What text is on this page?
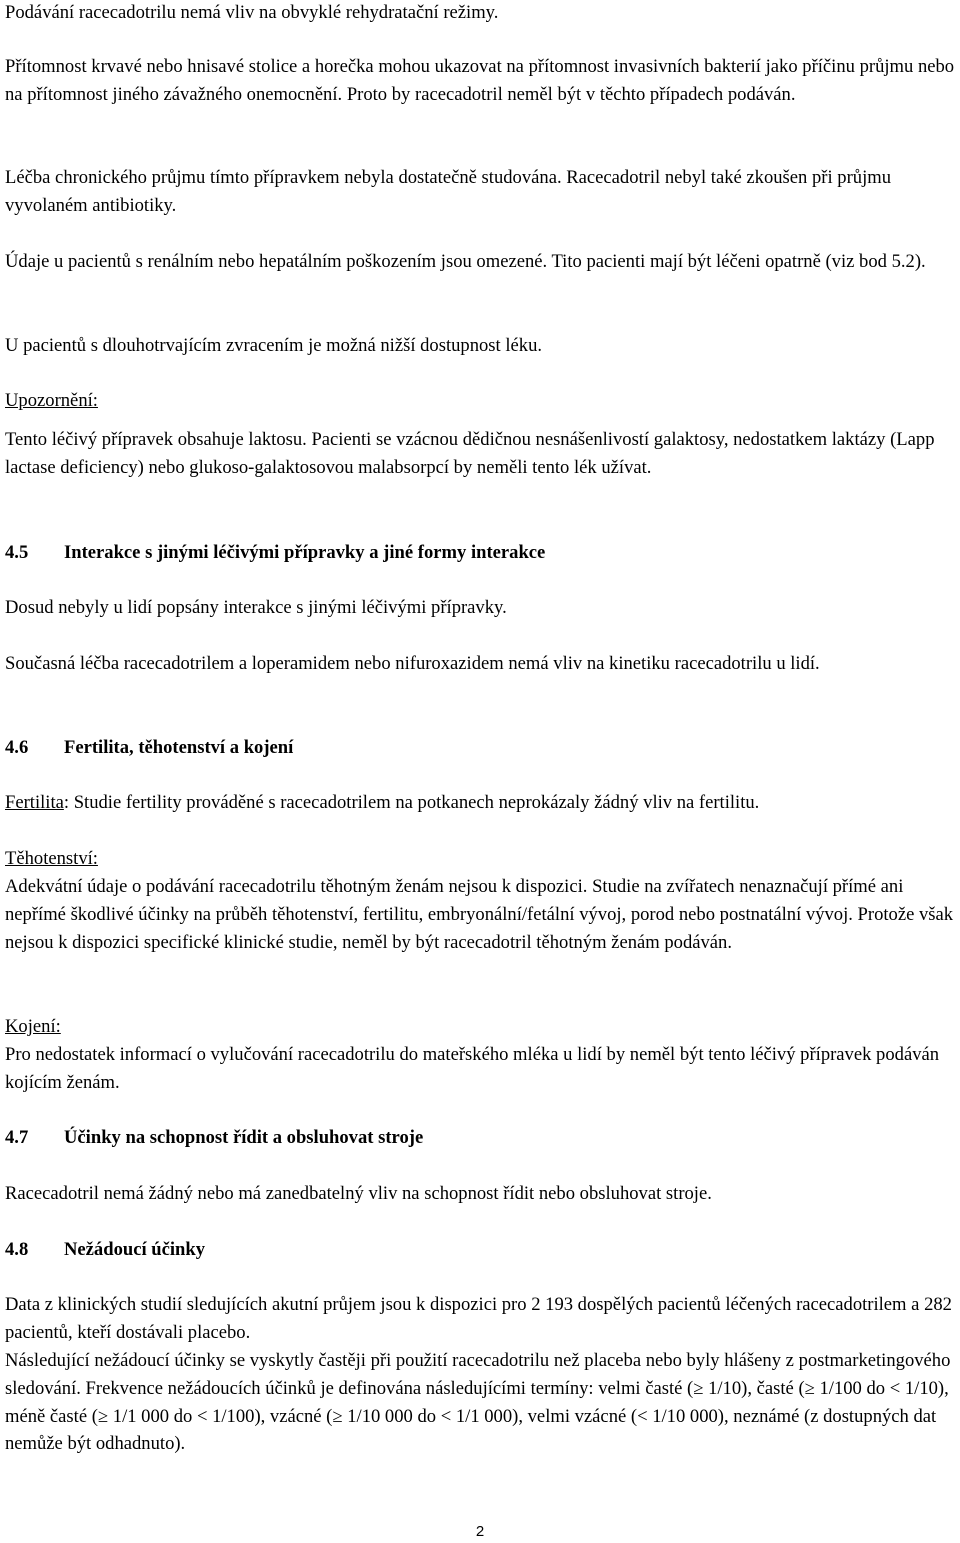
Podávání racecadotrilu nemá vliv na obvyklé rehydratační režimy.

Přítomnost krvavé nebo hnisavé stolice a horečka mohou ukazovat na přítomnost invasivních bakterií jako příčinu průjmu nebo na přítomnost jiného závažného onemocnění. Proto by racecadotril neměl být v těchto případech podáván.

Léčba chronického průjmu tímto přípravkem nebyla dostatečně studována. Racecadotril nebyl také zkoušen při průjmu vyvolaném antibiotiky.

Údaje u pacientů s renálním nebo hepatálním poškozením jsou omezené. Tito pacienti mají být léčeni opatrně (viz bod 5.2).

U pacientů s dlouhotrvajícím zvracením je možná nižší dostupnost léku.

Upozornění:

Tento léčivý přípravek obsahuje laktosu. Pacienti se vzácnou dědičnou nesnášenlivostí galaktosy, nedostatkem laktázy (Lapp lactase deficiency) nebo glukoso-galaktosovou malabsorpcí by neměli tento lék užívat.

4.5 Interakce s jinými léčivými přípravky a jiné formy interakce

Dosud nebyly u lidí popsány interakce s jinými léčivými přípravky.

Současná léčba racecadotrilem a loperamidem nebo nifuroxazidem nemá vliv na kinetiku racecadotrilu u lidí.

4.6 Fertilita, těhotenství a kojení

Fertilita: Studie fertility prováděné s racecadotrilem na potkanech neprokázaly žádný vliv na fertilitu.

Těhotenství:

Adekvátní údaje o podávání racecadotrilu těhotným ženám nejsou k dispozici. Studie na zvířatech nenaznačují přímé ani nepřímé škodlivé účinky na průběh těhotenství, fertilitu, embryonální/fetální vývoj, porod nebo postnatální vývoj. Protože však nejsou k dispozici specifické klinické studie, neměl by být racecadotril těhotným ženám podáván.

Kojení:

Pro nedostatek informací o vylučování racecadotrilu do mateřského mléka u lidí by neměl být tento léčivý přípravek podáván kojícím ženám.

4.7 Účinky na schopnost řídit a obsluhovat stroje

Racecadotril nemá žádný nebo má zanedbatelný vliv na schopnost řídit nebo obsluhovat stroje.

4.8 Nežádoucí účinky

Data z klinických studií sledujících akutní průjem jsou k dispozici pro 2 193 dospělých pacientů léčených racecadotrilem a 282 pacientů, kteří dostávali placebo.

Následující nežádoucí účinky se vyskytly častěji při použití racecadotrilu než placeba nebo byly hlášeny z postmarketingového sledování. Frekvence nežádoucích účinků je definována následujícími termíny: velmi časté (≥ 1/10), časté (≥ 1/100 do < 1/10), méně časté (≥ 1/1 000 do < 1/100), vzácné (≥ 1/10 000 do < 1/1 000), velmi vzácné (< 1/10 000), neznámé (z dostupných dat nemůže být odhadnuto).

2
